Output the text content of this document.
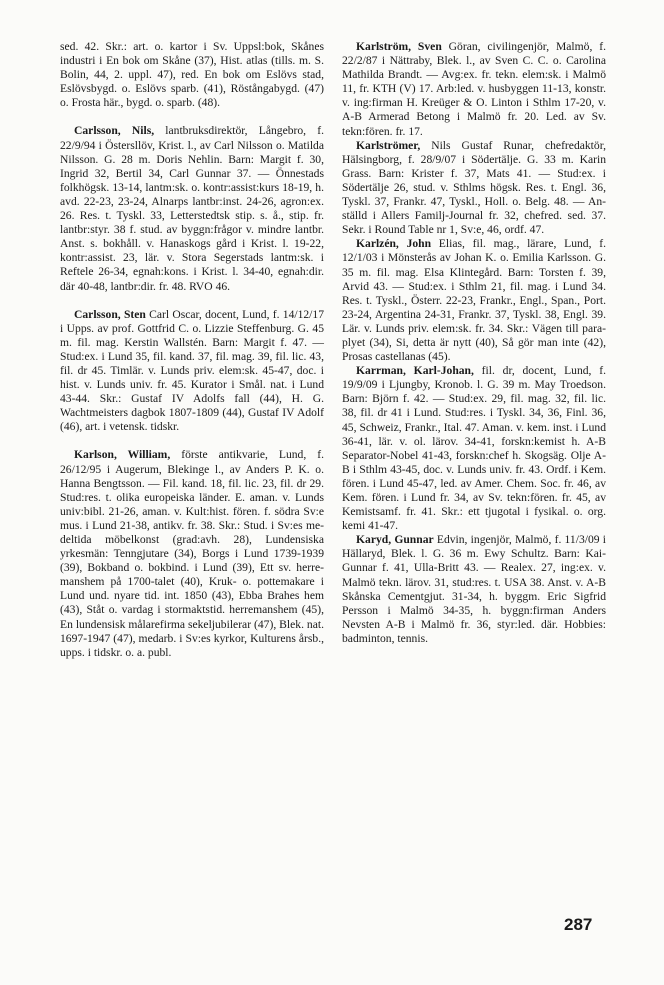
sed. 42. Skr.: art. o. kartor i Sv. Uppsl:bok, Skånes industri i En bok om Skåne (37), Hist. atlas (tills. m. S. Bolin, 44, 2. uppl. 47), red. En bok om Eslövs stad, Eslövsbygd. o. Eslövs sparb. (41), Röstångabygd. (47) o. Frosta här., bygd. o. sparb. (48).

Carlsson, Nils, lantbruksdirektör, Långebro, f. 22/9/94 i Östersllöv, Krist. l., av Carl Nilsson o. Matilda Nilsson. G. 28 m. Doris Nehlin. Barn: Margit f. 30, Ingrid 32, Bertil 34, Carl Gunnar 37. — Önnestads folkhögsk. 13-14, lantm:sk. o. kontr:assist:kurs 18-19, h. avd. 22-23, 23-24, Alnarps lantbr:inst. 24-26, agron:ex. 26. Res. t. Tyskl. 33, Letterstedtsk stip. s. å., stip. fr. lantbr:styr. 38 f. stud. av byggn:frågor v. mindre lantbr. Anst. s. bokhåll. v. Hanaskogs gård i Krist. l. 19-22, kontr:assist. 23, lär. v. Stora Segerstads lantm:sk. i Reftele 26-34, egnah:kons. i Krist. l. 34-40, egnah:dir. där 40-48, lantbr:dir. fr. 48. RVO 46.

Carlsson, Sten Carl Oscar, docent, Lund, f. 14/12/17 i Upps. av prof. Gottfrid C. o. Lizzie Steffenburg. G. 45 m. fil. mag. Kerstin Wallstén. Barn: Margit f. 47. — Stud:ex. i Lund 35, fil. kand. 37, fil. mag. 39, fil. lic. 43, fil. dr 45. Timlär. v. Lunds priv. elem:sk. 45-47, doc. i hist. v. Lunds univ. fr. 45. Kurator i Smål. nat. i Lund 43-44. Skr.: Gustaf IV Adolfs fall (44), H. G. Wachtmeisters dagbok 1807-1809 (44), Gustaf IV Adolf (46), art. i vetensk. tidskr.

Karlson, William, förste antikvarie, Lund, f. 26/12/95 i Augerum, Blekinge l., av Anders P. K. o. Hanna Bengtsson. — Fil. kand. 18, fil. lic. 23, fil. dr 29. Stud:res. t. olika europeiska länder. E. aman. v. Lunds univ:bibl. 21-26, aman. v. Kult:hist. fören. f. södra Sv:e mus. i Lund 21-38, antikv. fr. 38. Skr.: Stud. i Sv:es medeltida möbelkonst (grad:avh. 28), Lundensiska yrkesmän: Tenngjutare (34), Borgs i Lund 1739-1939 (39), Bokband o. bokbind. i Lund (39), Ett sv. herremanshem på 1700-talet (40), Kruk- o. pottemakare i Lund und. nyare tid. int. 1850 (43), Ebba Brahes hem (43), Ståt o. vardag i stormaktstid. herremanshem (45), En lundensisk målarefirma sekeljubilerar (47), Blek. nat. 1697-1947 (47), medarb. i Sv:es kyrkor, Kulturens årsb., upps. i tidskr. o. a. publ.

Karlström, Sven Göran, civilingenjör, Malmö, f. 22/2/87 i Nättraby, Blek. l., av Sven C. C. o. Carolina Mathilda Brandt. — Avg:ex. fr. tekn. elem:sk. i Malmö 11, fr. KTH (V) 17. Arb:led. v. husbyggen 11-13, konstr. v. ing:firman H. Kreüger & O. Linton i Sthlm 17-20, v. A-B Armerad Betong i Malmö fr. 20. Led. av Sv. tekn:fören. fr. 17.

Karlströmer, Nils Gustaf Runar, chefredaktör, Hälsingborg, f. 28/9/07 i Södertälje. G. 33 m. Karin Grass. Barn: Krister f. 37, Mats 41. — Stud:ex. i Södertälje 26, stud. v. Sthlms högsk. Res. t. Engl. 36, Tyskl. 37, Frankr. 47, Tyskl., Holl. o. Belg. 48. — Anställd i Allers Familj-Journal fr. 32, chefred. sed. 37. Sekr. i Round Table nr 1, Sv:e, 46, ordf. 47.

Karlzén, John Elias, fil. mag., lärare, Lund, f. 12/1/03 i Mönsterås av Johan K. o. Emilia Karlsson. G. 35 m. fil. mag. Elsa Klintegård. Barn: Torsten f. 39, Arvid 43. — Stud:ex. i Sthlm 21, fil. mag. i Lund 34. Res. t. Tyskl., Österr. 22-23, Frankr., Engl., Span., Port. 23-24, Argentina 24-31, Frankr. 37, Tyskl. 38, Engl. 39. Lär. v. Lunds priv. elem:sk. fr. 34. Skr.: Vägen till paraplyet (34), Si, detta är nytt (40), Så gör man inte (42), Prosas castellanas (45).

Karrman, Karl-Johan, fil. dr, docent, Lund, f. 19/9/09 i Ljungby, Kronob. l. G. 39 m. May Troedson. Barn: Björn f. 42. — Stud:ex. 29, fil. mag. 32, fil. lic. 38, fil. dr 41 i Lund. Stud:res. i Tyskl. 34, 36, Finl. 36, 45, Schweiz, Frankr., Ital. 47. Aman. v. kem. inst. i Lund 36-41, lär. v. ol. lärov. 34-41, forskn:kemist h. A-B Separator-Nobel 41-43, forskn:chef h. Skogsäg. Olje A-B i Sthlm 43-45, doc. v. Lunds univ. fr. 43. Ordf. i Kem. fören. i Lund 45-47, led. av Amer. Chem. Soc. fr. 46, av Kem. fören. i Lund fr. 34, av Sv. tekn:fören. fr. 45, av Kemistsamf. fr. 41. Skr.: ett tjugotal i fysikal. o. org. kemi 41-47.

Karyd, Gunnar Edvin, ingenjör, Malmö, f. 11/3/09 i Hällaryd, Blek. l. G. 36 m. Ewy Schultz. Barn: Kai-Gunnar f. 41, Ulla-Britt 43. — Realex. 27, ing:ex. v. Malmö tekn. lärov. 31, stud:res. t. USA 38. Anst. v. A-B Skånska Cementgjut. 31-34, h. byggm. Eric Sigfrid Persson i Malmö 34-35, h. byggn:firman Anders Nevsten A-B i Malmö fr. 36, styr:led. där. Hobbies: badminton, tennis.

287
